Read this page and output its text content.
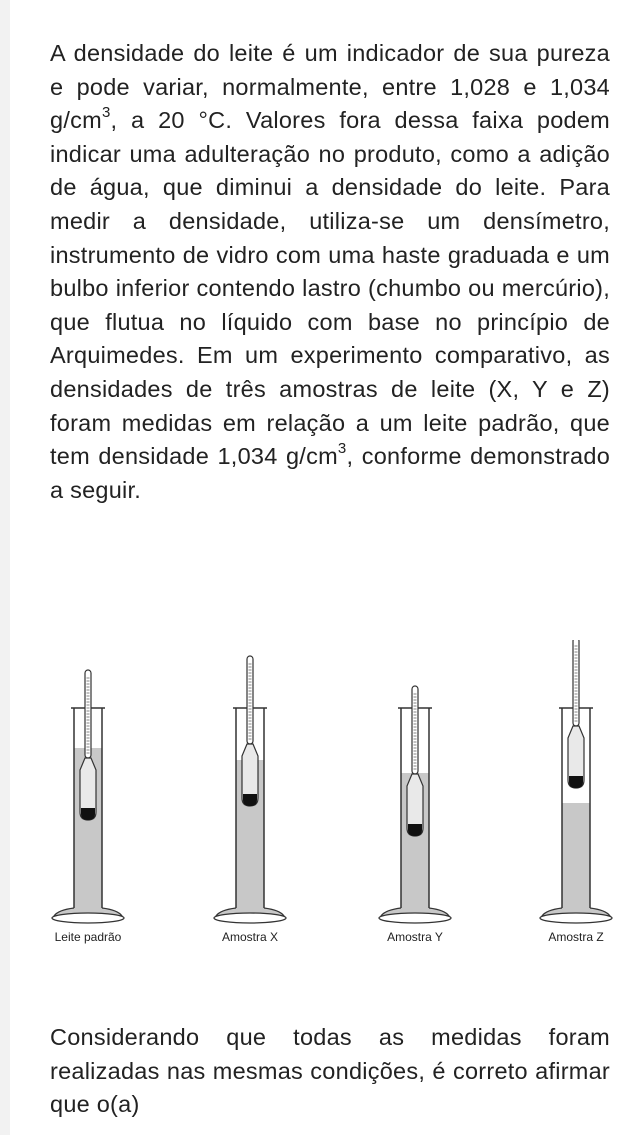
A densidade do leite é um indicador de sua pureza e pode variar, normalmente, entre 1,028 e 1,034 $g/cm^3$, a 20 °C. Valores fora dessa faixa podem indicar uma adulteração no produto, como a adição de água, que diminui a densidade do leite. Para medir a densidade, utiliza-se um densímetro, instrumento de vidro com uma haste graduada e um bulbo inferior contendo lastro (chumbo ou mercúrio), que flutua no líquido com base no princípio de Arquimedes. Em um experimento comparativo, as densidades de três amostras de leite (X, Y e Z) foram medidas em relação a um leite padrão, que tem densidade 1,034 $g/cm^3$, conforme demonstrado a seguir.

Leite padrão	Amostra X	Amostra Y	Amostra Z

Considerando que todas as medidas foram realizadas nas mesmas condições, é correto afirmar que o(a)
